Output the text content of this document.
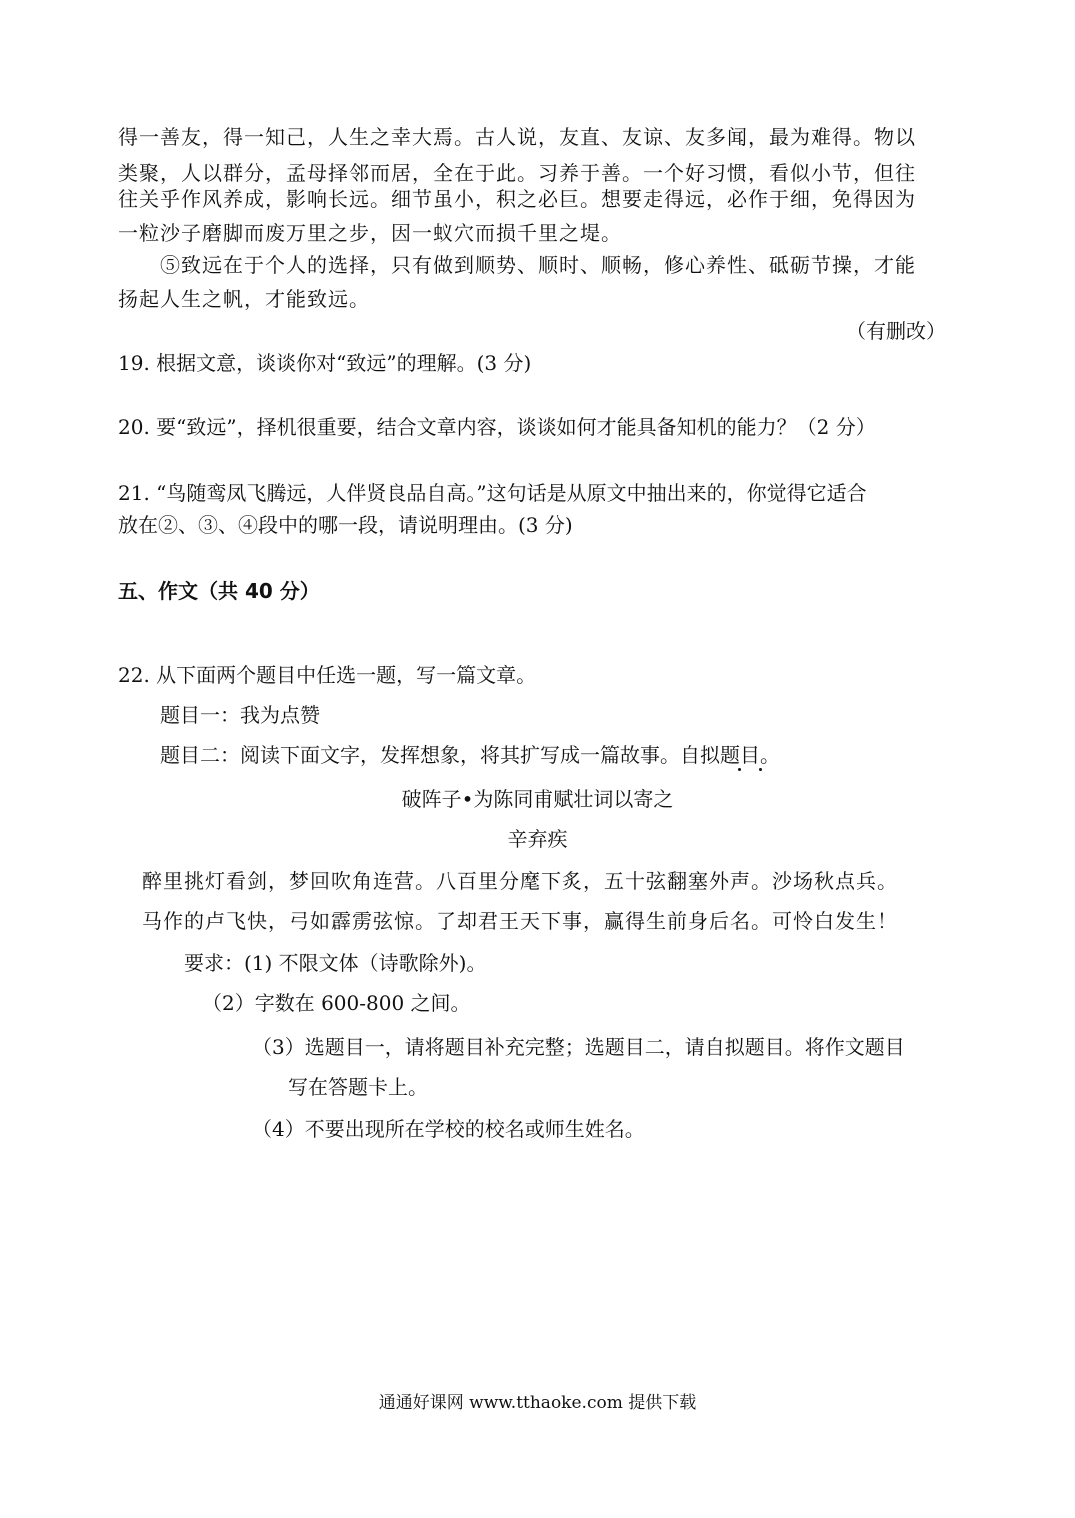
得一善友，得一知己，人生之幸大焉。古人说，友直、友谅、友多闻，最为难得。物以
类聚，人以群分，孟母择邻而居，全在于此。习养于善。一个好习惯，看似小节，但往
往关乎作风养成，影响长远。细节虽小，积之必巨。想要走得远，必作于细，免得因为
一粒沙子磨脚而废万里之步，因一蚁穴而损千里之堤。
⑤致远在于个人的选择，只有做到顺势、顺时、顺畅，修心养性、砥砺节操，才能
扬起人生之帆，才能致远。
（有删改）
19. 根据文意，谈谈你对“致远”的理解。(3 分)
20. 要“致远”，择机很重要，结合文章内容，谈谈如何才能具备知机的能力？（2 分）
21. “鸟随鸾凤飞腾远，人伴贤良品自高。”这句话是从原文中抽出来的，你觉得它适合
放在②、③、④段中的哪一段，请说明理由。(3 分)
五、作文（共 40 分）
22. 从下面两个题目中任选一题，写一篇文章。
题目一：我为点赞
题目二：阅读下面文字，发挥想象，将其扩写成一篇故事。自拟题目。
破阵子•为陈同甫赋壮词以寄之
辛弃疾
醉里挑灯看剑，梦回吹角连营。八百里分麾下炙，五十弦翻塞外声。沙场秋点兵。
马作的卢飞快，弓如霹雳弦惊。了却君王天下事，赢得生前身后名。可怜白发生！
要求：(1) 不限文体（诗歌除外)。
（2）字数在 600-800 之间。
（3）选题目一，请将题目补充完整；选题目二，请自拟题目。将作文题目
写在答题卡上。
（4）不要出现所在学校的校名或师生姓名。
通通好课网 www.tthaoke.com 提供下载
